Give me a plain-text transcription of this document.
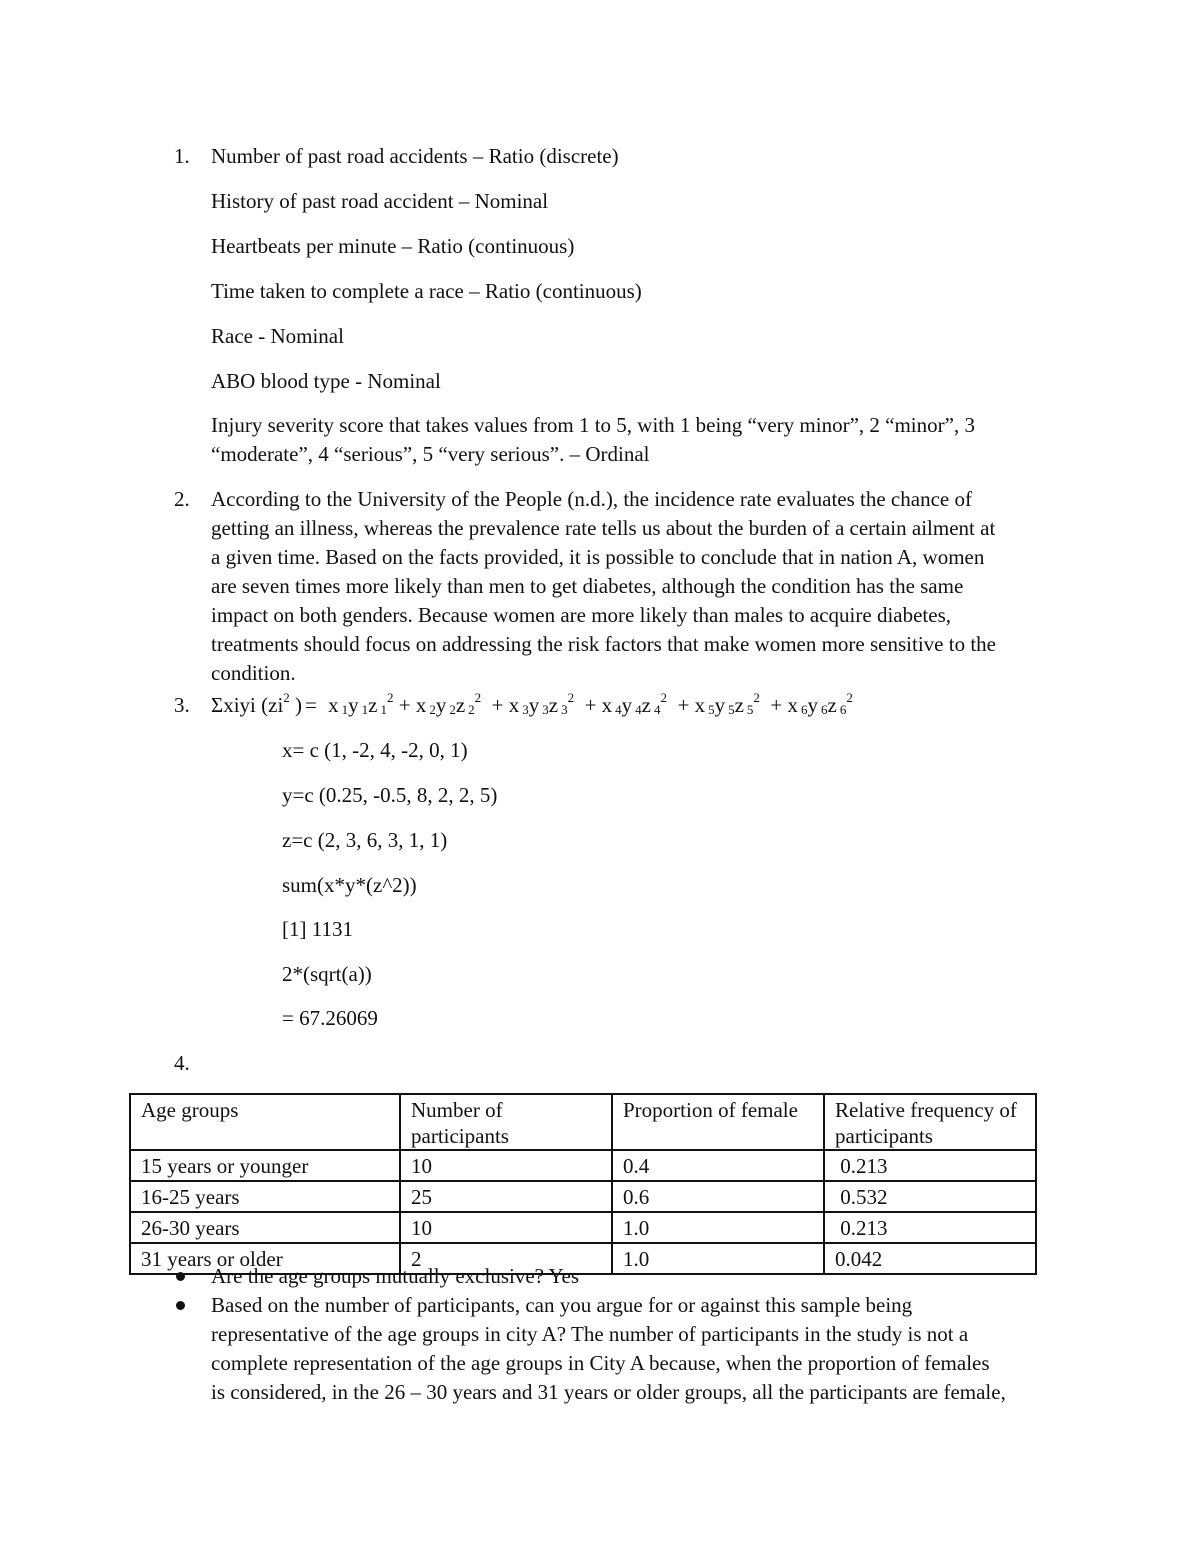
1. Number of past road accidents – Ratio (discrete)
History of past road accident – Nominal
Heartbeats per minute – Ratio (continuous)
Time taken to complete a race – Ratio (continuous)
Race - Nominal
ABO blood type - Nominal
Injury severity score that takes values from 1 to 5, with 1 being “very minor”, 2 “minor”, 3
“moderate”, 4 “serious”, 5 “very serious”. – Ordinal
2. According to the University of the People (n.d.), the incidence rate evaluates the chance of
getting an illness, whereas the prevalence rate tells us about the burden of a certain ailment at
a given time. Based on the facts provided, it is possible to conclude that in nation A, women
are seven times more likely than men to get diabetes, although the condition has the same
impact on both genders. Because women are more likely than males to acquire diabetes,
treatments should focus on addressing the risk factors that make women more sensitive to the
condition.
3. Σxiyi ($zi^2$ )= $x_1y_1z_1^2 + x_2y_2z_2^2 + x_3y_3z_3^2 + x_4y_4z_4^2 + x_5y_5z_5^2 + x_6y_6z_6^2$
x= c (1, -2, 4, -2, 0, 1)
y=c (0.25, -0.5, 8, 2, 2, 5)
z=c (2, 3, 6, 3, 1, 1)
sum(x*y*(z^2))
[1] 1131
2*(sqrt(a))
= 67.26069
4.
Age groups	Number of participants	Proportion of female	Relative frequency of participants
15 years or younger	10	0.4	0.213
16-25 years	25	0.6	0.532
26-30 years	10	1.0	0.213
31 years or older	2	1.0	0.042
Are the age groups mutually exclusive? Yes
Based on the number of participants, can you argue for or against this sample being
representative of the age groups in city A? The number of participants in the study is not a
complete representation of the age groups in City A because, when the proportion of females
is considered, in the 26 – 30 years and 31 years or older groups, all the participants are female,
